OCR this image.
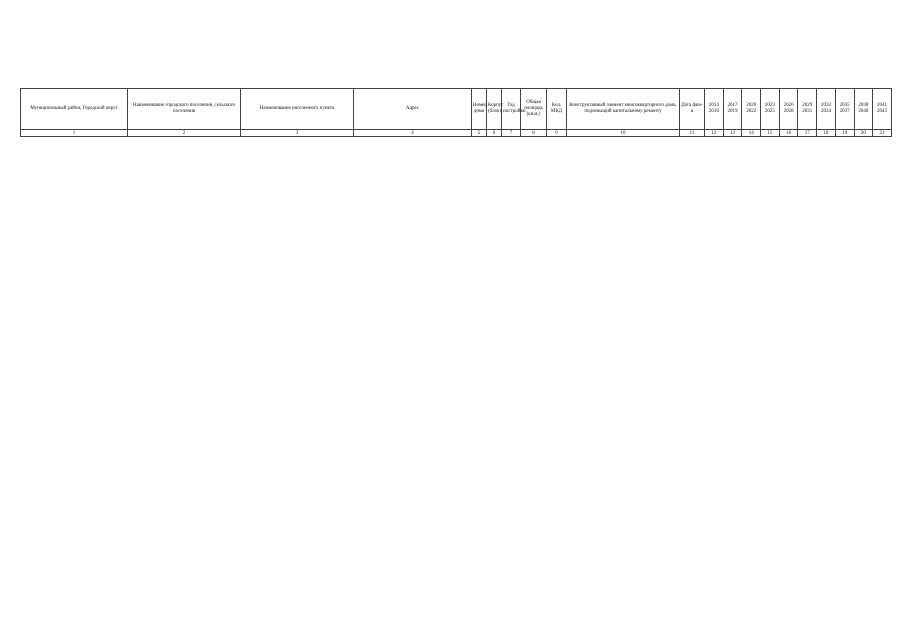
Муниципальный район, Городской округ	Наименование городского поселения, сельского поселения	Наименование населенного пункта	Адрес	Номер дома	Корпус (блок)	Год постройки	Общая площадь (кв.м.)	Кол. МКД	Конструктивный элемент многоквартирного дома, подлежащий капитальному ремонту	Дата фин-я	2014 2016	2017 2019	2020 2022	2023 2025	2026 2028	2029 2031	2032 2034	2035 2037	2038 2040	2041 2043
1	2	3	4	5	6	7	8	9	10	11	12	13	14	15	16	17	18	19	20	21
